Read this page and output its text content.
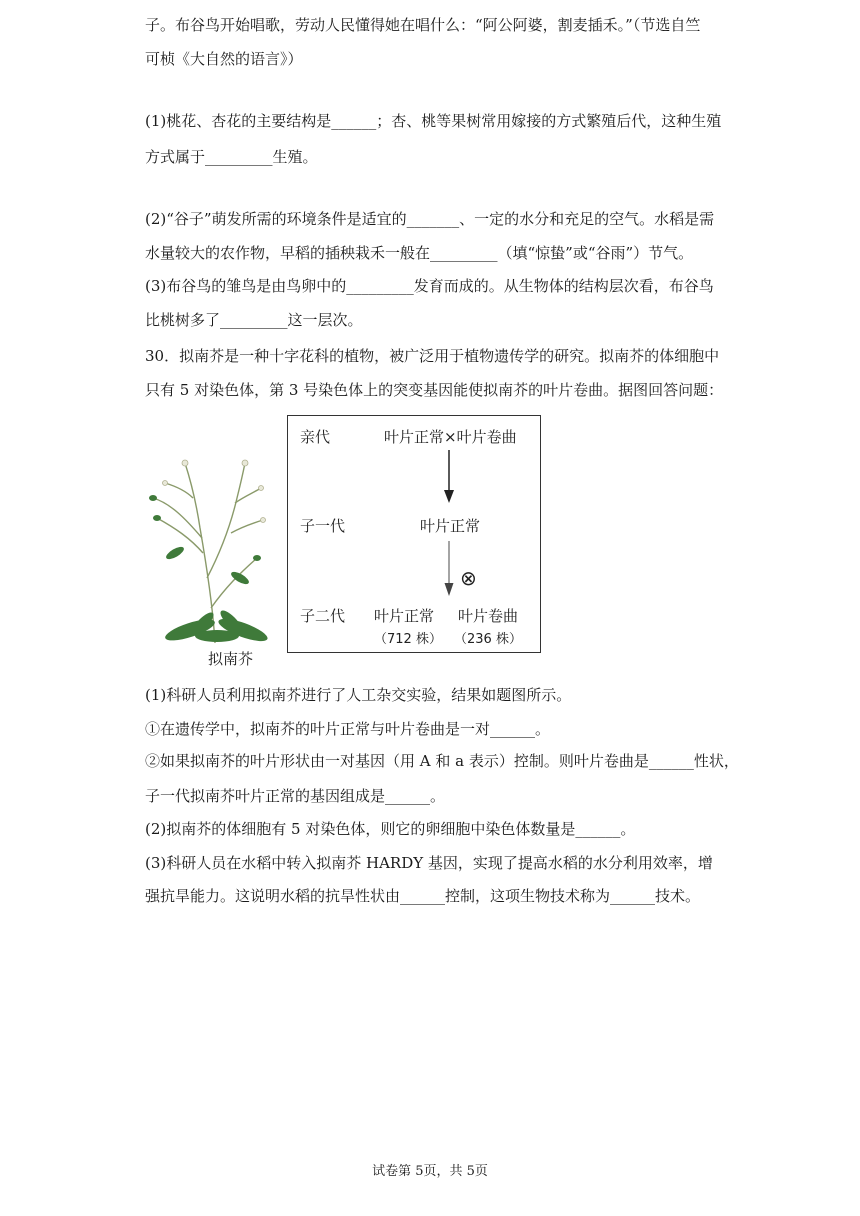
子。布谷鸟开始唱歌，劳动人民懂得她在唱什么：“阿公阿婆，割麦插禾。”（节选自竺
可桢《大自然的语言》）
(1)桃花、杏花的主要结构是______；杏、桃等果树常用嫁接的方式繁殖后代，这种生殖
方式属于_________生殖。
(2)“谷子”萌发所需的环境条件是适宜的_______、一定的水分和充足的空气。水稻是需
水量较大的农作物，早稻的插秧栽禾一般在_________（填“惊蛰”或“谷雨”）节气。
(3)布谷鸟的雏鸟是由鸟卵中的_________发育而成的。从生物体的结构层次看，布谷鸟
比桃树多了_________这一层次。
30．拟南芥是一种十字花科的植物，被广泛用于植物遗传学的研究。拟南芥的体细胞中
只有 5 对染色体，第 3 号染色体上的突变基因能使拟南芥的叶片卷曲。据图回答问题：
拟南芥
亲代	叶片正常×叶片卷曲
子一代	叶片正常
⊗
子二代 叶片正常
（712 株）
叶片卷曲
（236 株）
(1)科研人员利用拟南芥进行了人工杂交实验，结果如题图所示。
①在遗传学中，拟南芥的叶片正常与叶片卷曲是一对______。
②如果拟南芥的叶片形状由一对基因（用 A 和 a 表示）控制。则叶片卷曲是______性状，
子一代拟南芥叶片正常的基因组成是______。
(2)拟南芥的体细胞有 5 对染色体，则它的卵细胞中染色体数量是______。
(3)科研人员在水稻中转入拟南芥 HARDY 基因，实现了提高水稻的水分利用效率，增
强抗旱能力。这说明水稻的抗旱性状由______控制，这项生物技术称为______技术。
试卷第 5页，共 5页
